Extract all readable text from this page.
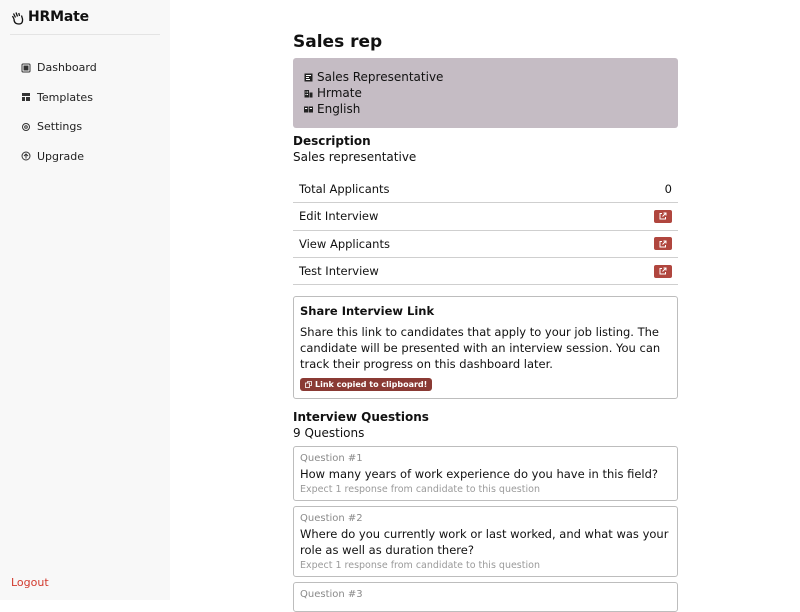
HRMate
Dashboard
Templates
Settings
Upgrade
Logout
Sales rep
Sales Representative
Hrmate
English
Description
Sales representative
Total Applicants	0
Edit Interview
View Applicants
Test Interview
Share Interview Link
Share this link to candidates that apply to your job listing. The candidate will be presented with an interview session. You can track their progress on this dashboard later.
Link copied to clipboard!
Interview Questions
9 Questions
Question #1
How many years of work experience do you have in this field?
Expect 1 response from candidate to this question
Question #2
Where do you currently work or last worked, and what was your role as well as duration there?
Expect 1 response from candidate to this question
Question #3
